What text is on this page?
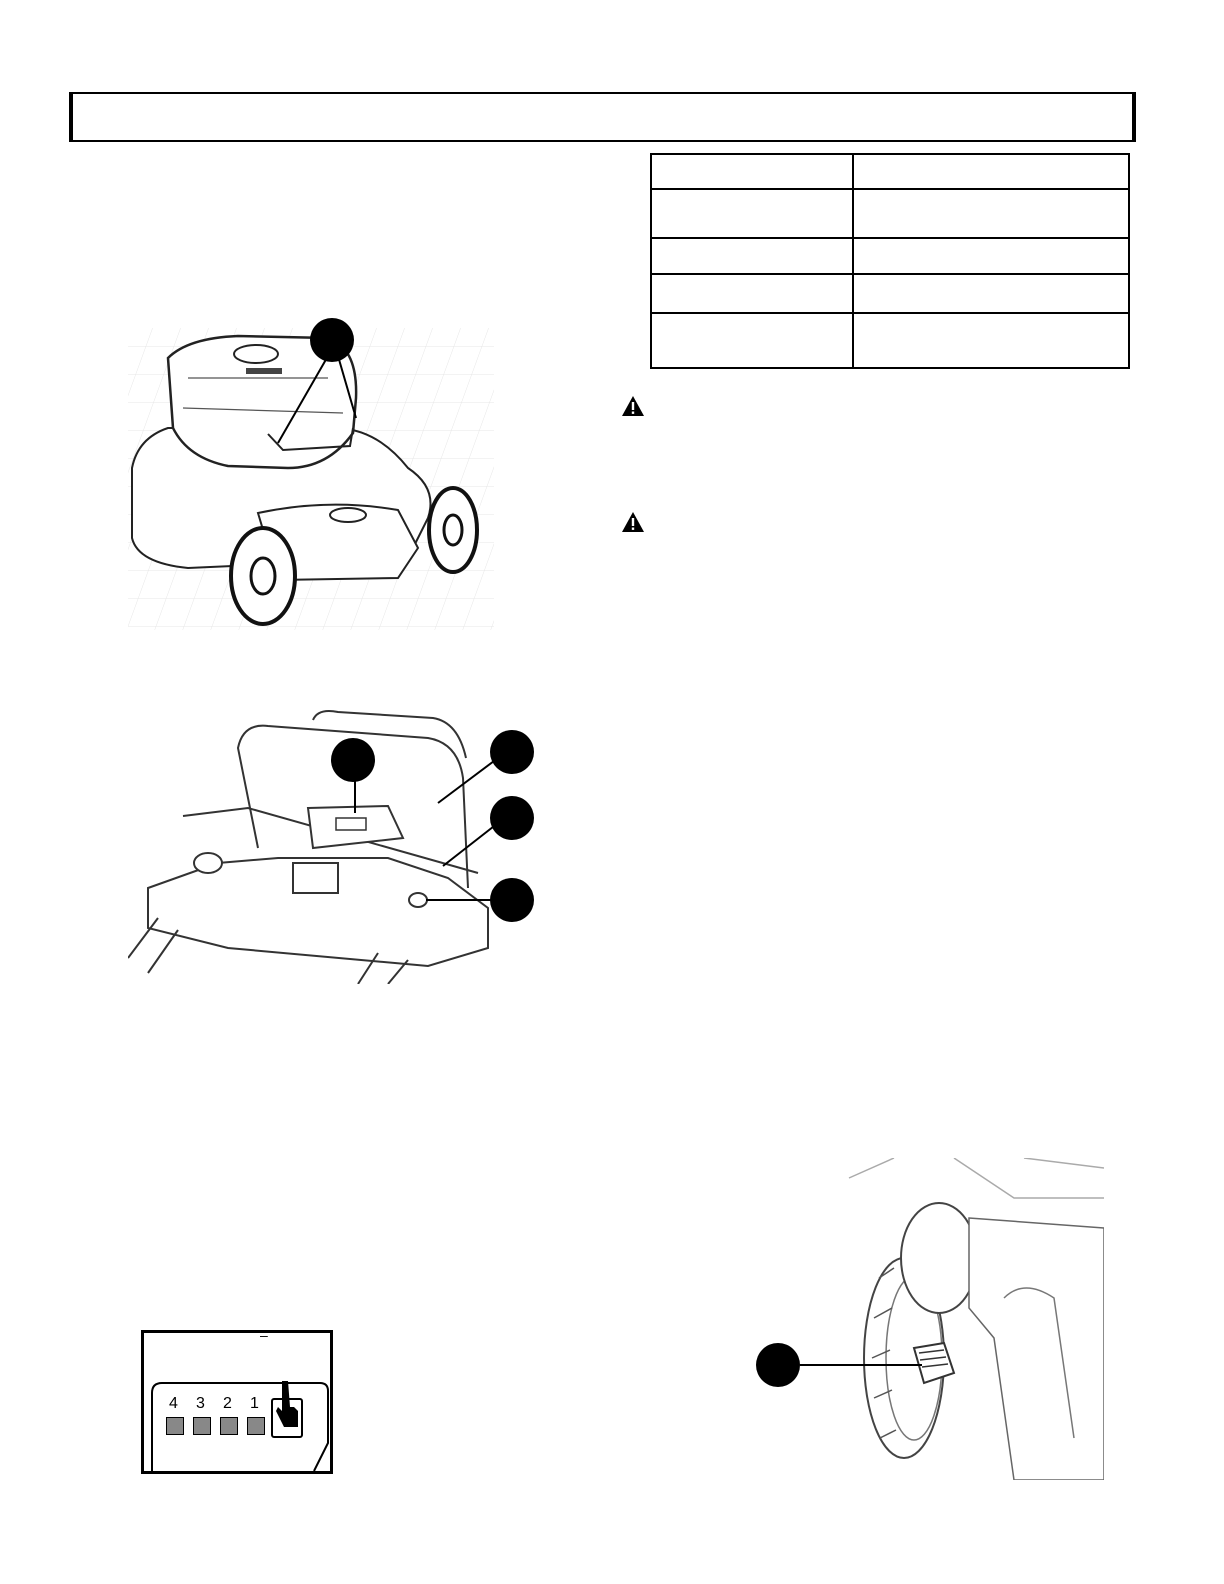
–
4 3 2 1
